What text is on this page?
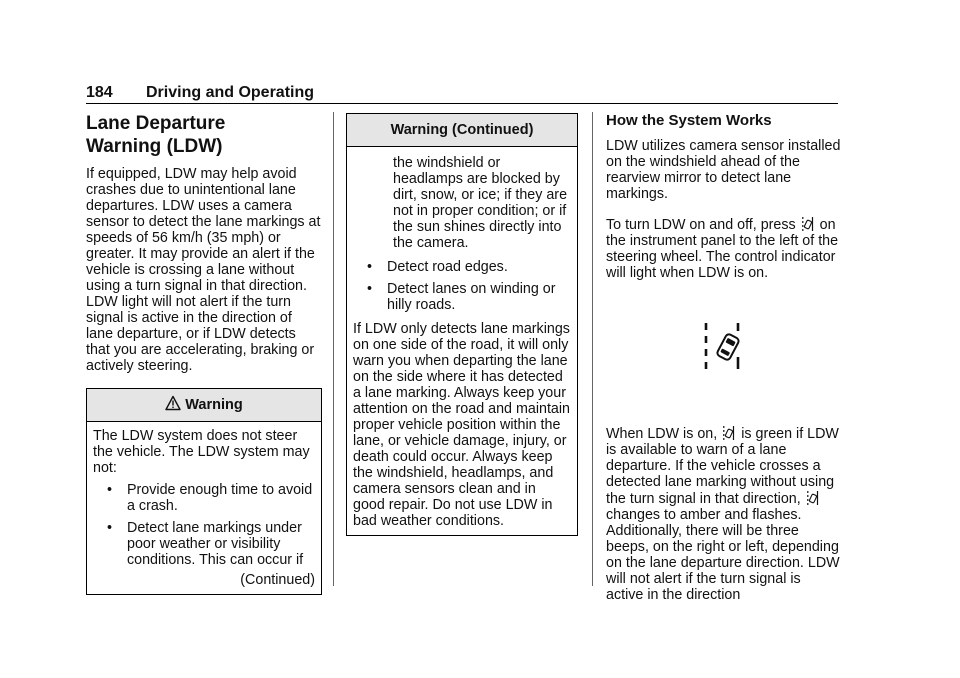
184 Driving and Operating
Lane Departure
Warning (LDW)

If equipped, LDW may help avoid crashes due to unintentional lane departures. LDW uses a camera sensor to detect the lane markings at speeds of 56 km/h (35 mph) or greater. It may provide an alert if the vehicle is crossing a lane without using a turn signal in that direction. LDW light will not alert if the turn signal is active in the direction of lane departure, or if LDW detects that you are accelerating, braking or actively steering.

Warning

The LDW system does not steer the vehicle. The LDW system may not:

• Provide enough time to avoid a crash.
• Detect lane markings under poor weather or visibility conditions. This can occur if

(Continued)

Warning (Continued)

the windshield or headlamps are blocked by dirt, snow, or ice; if they are not in proper condition; or if the sun shines directly into the camera.

• Detect road edges.
• Detect lanes on winding or hilly roads.

If LDW only detects lane markings on one side of the road, it will only warn you when departing the lane on the side where it has detected a lane marking. Always keep your attention on the road and maintain proper vehicle position within the lane, or vehicle damage, injury, or death could occur. Always keep the windshield, headlamps, and camera sensors clean and in good repair. Do not use LDW in bad weather conditions.

How the System Works

LDW utilizes camera sensor installed on the windshield ahead of the rearview mirror to detect lane markings.

To turn LDW on and off, press on the instrument panel to the left of the steering wheel. The control indicator will light when LDW is on.

When LDW is on, is green if LDW is available to warn of a lane departure. If the vehicle crosses a detected lane marking without using the turn signal in that direction,  changes to amber and flashes. Additionally, there will be three beeps, on the right or left, depending on the lane departure direction. LDW will not alert if the turn signal is active in the direction
